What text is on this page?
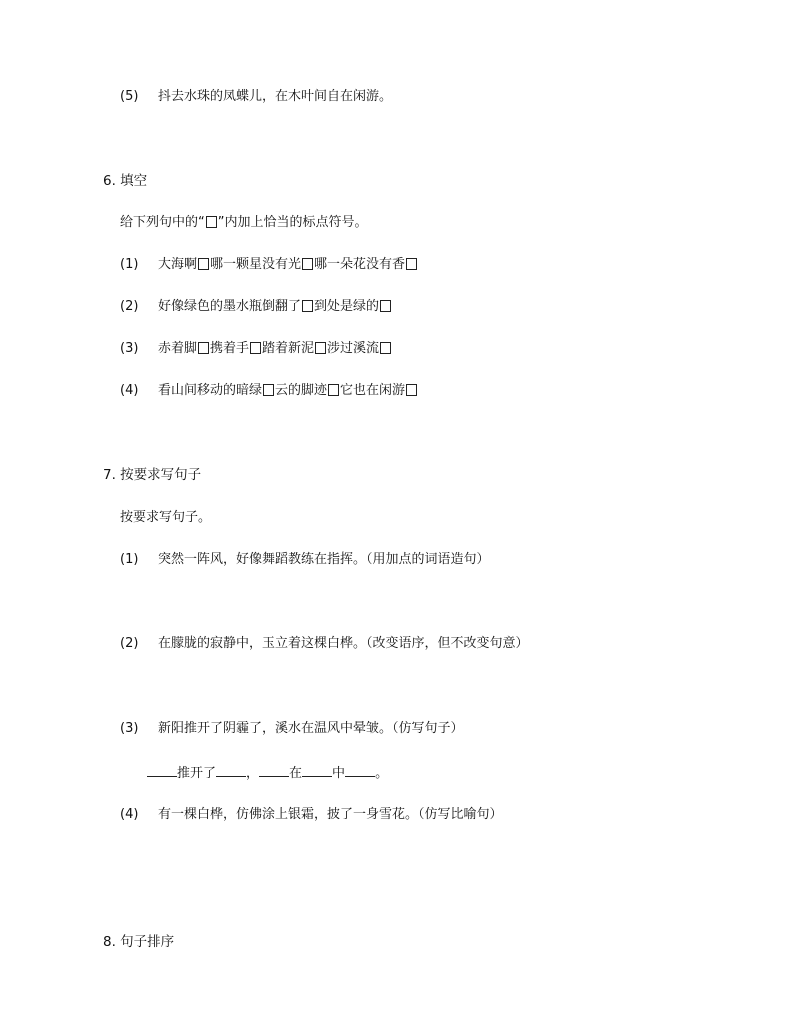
(5) 抖去水珠的凤蝶儿，在木叶间自在闲游。
6. 填空
给下列句中的“ ”内加上恰当的标点符号。
(1) 大海啊 哪一颗星没有光 哪一朵花没有香
(2) 好像绿色的墨水瓶倒翻了 到处是绿的
(3) 赤着脚 携着手 踏着新泥 涉过溪流
(4) 看山间移动的暗绿 云的脚迹 它也在闲游
7. 按要求写句子
按要求写句子。
(1) 突然一阵风，好像舞蹈教练在指挥。（用加点的词语造句）
(2) 在朦胧的寂静中，玉立着这棵白桦。（改变语序，但不改变句意）
(3) 新阳推开了阴霾了，溪水在温风中晕皱。（仿写句子）
推开了 ， 在 中 。
(4) 有一棵白桦，仿佛涂上银霜，披了一身雪花。（仿写比喻句）
8. 句子排序
